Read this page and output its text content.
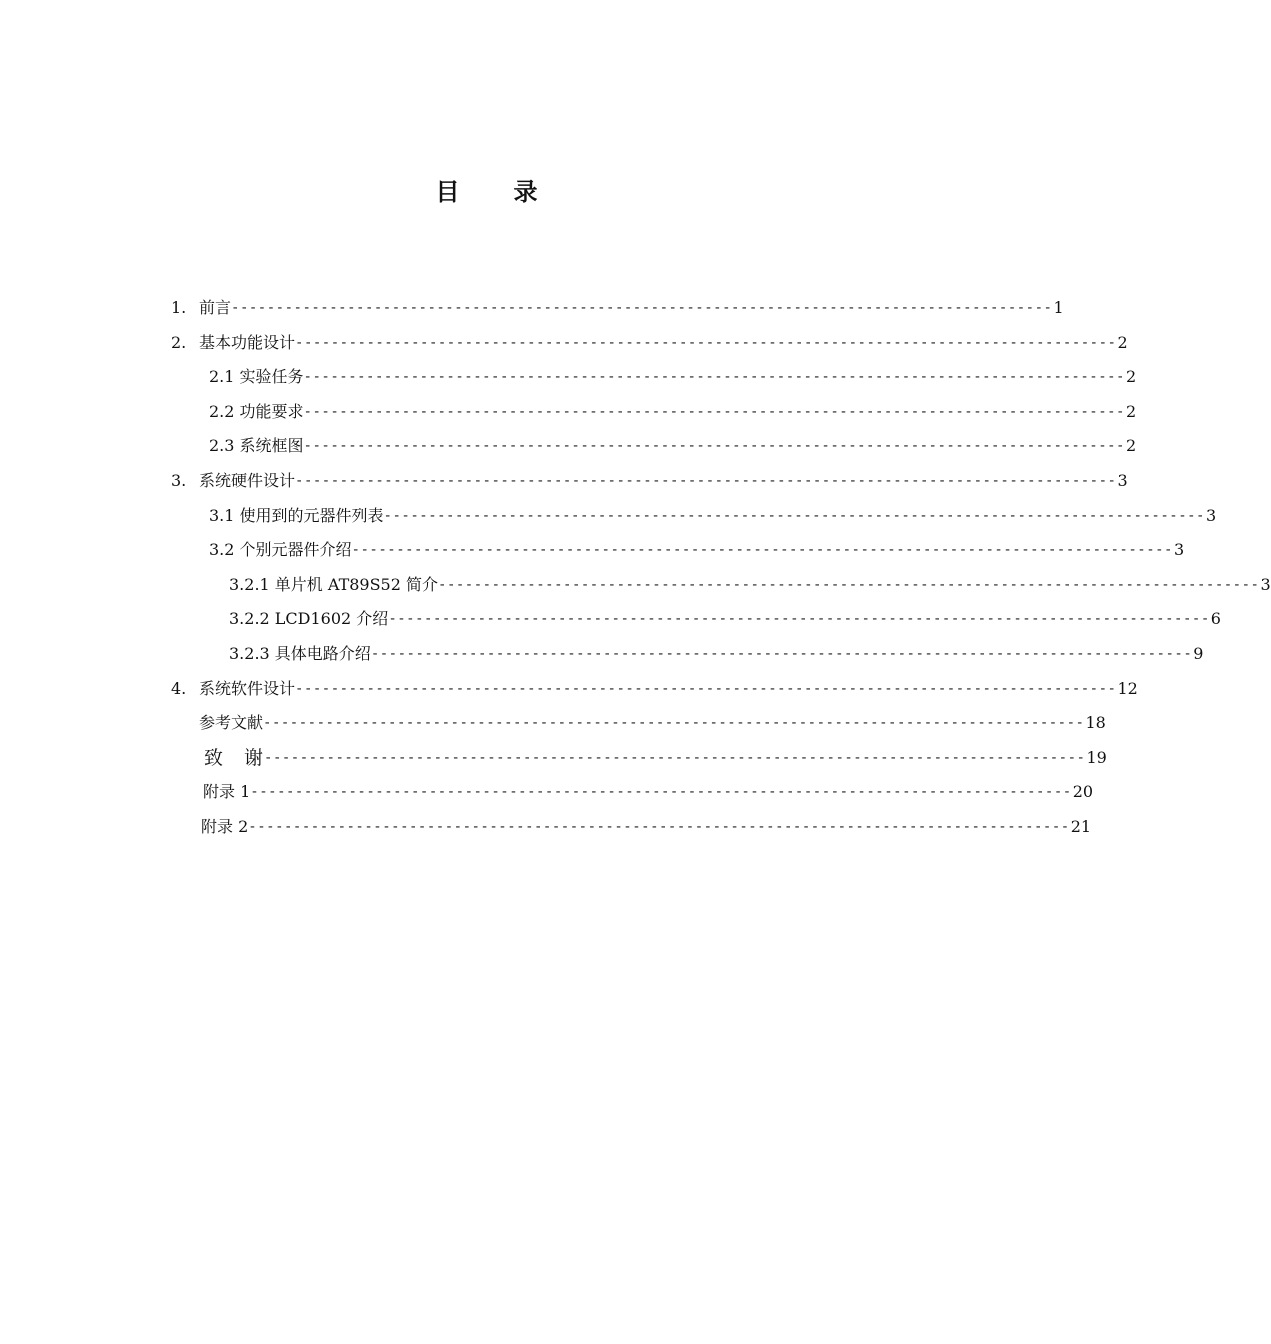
目　　录
1. 前言 -------------------------------------------------------------------------------------------- 1
2. 基本功能设计 -------------------------------------------------------------------------------------------- 2
2.1 实验任务 -------------------------------------------------------------------------------------------- 2
2.2 功能要求 -------------------------------------------------------------------------------------------- 2
2.3 系统框图 -------------------------------------------------------------------------------------------- 2
3. 系统硬件设计 -------------------------------------------------------------------------------------------- 3
3.1 使用到的元器件列表 -------------------------------------------------------------------------------------------- 3
3.2 个别元器件介绍 -------------------------------------------------------------------------------------------- 3
3.2.1 单片机 AT89S52 简介 -------------------------------------------------------------------------------------------- 3
3.2.2 LCD1602 介绍 -------------------------------------------------------------------------------------------- 6
3.2.3 具体电路介绍 -------------------------------------------------------------------------------------------- 9
4. 系统软件设计 -------------------------------------------------------------------------------------------- 12
参考文献 -------------------------------------------------------------------------------------------- 18
致　谢 -------------------------------------------------------------------------------------------- 19
附录 1 -------------------------------------------------------------------------------------------- 20
附录 2 -------------------------------------------------------------------------------------------- 21
